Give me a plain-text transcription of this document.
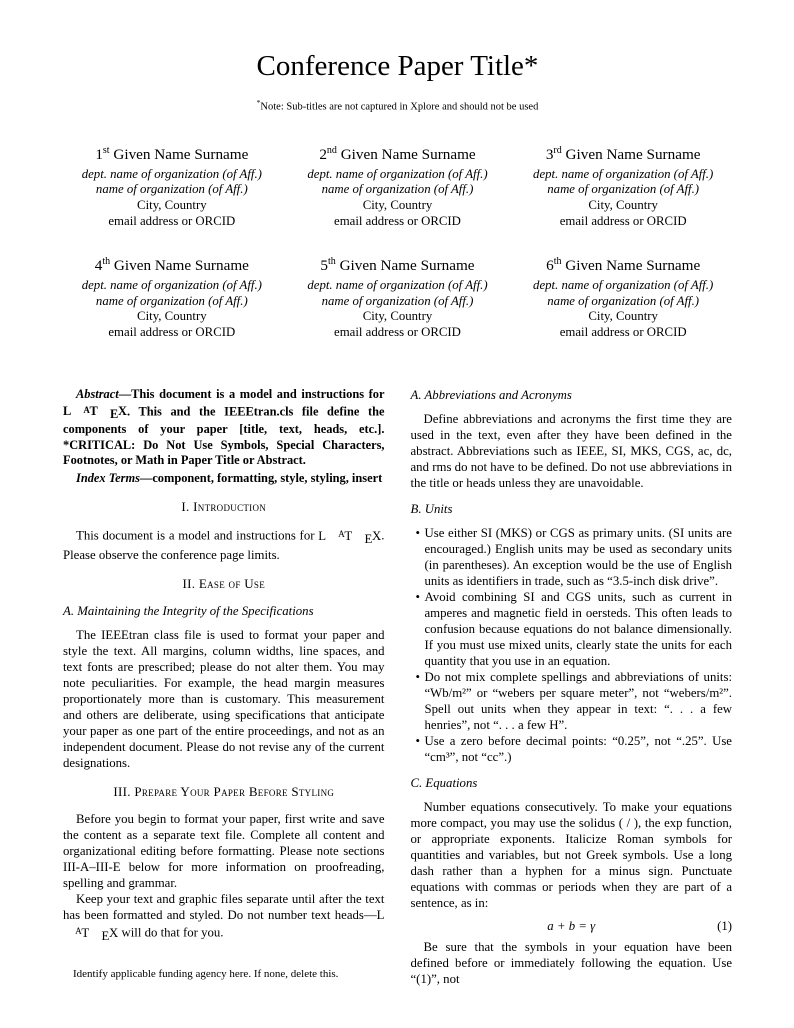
Conference Paper Title*
*Note: Sub-titles are not captured in Xplore and should not be used
1st Given Name Surname
dept. name of organization (of Aff.)
name of organization (of Aff.)
City, Country
email address or ORCID
2nd Given Name Surname
dept. name of organization (of Aff.)
name of organization (of Aff.)
City, Country
email address or ORCID
3rd Given Name Surname
dept. name of organization (of Aff.)
name of organization (of Aff.)
City, Country
email address or ORCID
4th Given Name Surname
dept. name of organization (of Aff.)
name of organization (of Aff.)
City, Country
email address or ORCID
5th Given Name Surname
dept. name of organization (of Aff.)
name of organization (of Aff.)
City, Country
email address or ORCID
6th Given Name Surname
dept. name of organization (of Aff.)
name of organization (of Aff.)
City, Country
email address or ORCID
Abstract—This document is a model and instructions for L AT EX. This and the IEEEtran.cls file define the components of your paper [title, text, heads, etc.]. *CRITICAL: Do Not Use Symbols, Special Characters, Footnotes, or Math in Paper Title or Abstract.
Index Terms—component, formatting, style, styling, insert
I. Introduction
This document is a model and instructions for L AT EX. Please observe the conference page limits.
II. Ease of Use
A. Maintaining the Integrity of the Specifications
The IEEEtran class file is used to format your paper and style the text. All margins, column widths, line spaces, and text fonts are prescribed; please do not alter them. You may note peculiarities. For example, the head margin measures proportionately more than is customary. This measurement and others are deliberate, using specifications that anticipate your paper as one part of the entire proceedings, and not as an independent document. Please do not revise any of the current designations.
III. Prepare Your Paper Before Styling
Before you begin to format your paper, first write and save the content as a separate text file. Complete all content and organizational editing before formatting. Please note sections III-A–III-E below for more information on proofreading, spelling and grammar.
Keep your text and graphic files separate until after the text has been formatted and styled. Do not number text heads—LAT EX will do that for you.
Identify applicable funding agency here. If none, delete this.
A. Abbreviations and Acronyms
Define abbreviations and acronyms the first time they are used in the text, even after they have been defined in the abstract. Abbreviations such as IEEE, SI, MKS, CGS, ac, dc, and rms do not have to be defined. Do not use abbreviations in the title or heads unless they are unavoidable.
B. Units
• Use either SI (MKS) or CGS as primary units. (SI units are encouraged.) English units may be used as secondary units (in parentheses). An exception would be the use of English units as identifiers in trade, such as “3.5-inch disk drive”.
• Avoid combining SI and CGS units, such as current in amperes and magnetic field in oersteds. This often leads to confusion because equations do not balance dimensionally. If you must use mixed units, clearly state the units for each quantity that you use in an equation.
• Do not mix complete spellings and abbreviations of units: “Wb/m²” or “webers per square meter”, not “webers/m²”. Spell out units when they appear in text: “. . . a few henries”, not “. . . a few H”.
• Use a zero before decimal points: “0.25”, not “.25”. Use “cm³”, not “cc”.)
C. Equations
Number equations consecutively. To make your equations more compact, you may use the solidus ( / ), the exp function, or appropriate exponents. Italicize Roman symbols for quantities and variables, but not Greek symbols. Use a long dash rather than a hyphen for a minus sign. Punctuate equations with commas or periods when they are part of a sentence, as in:
a + b = γ	(1)
Be sure that the symbols in your equation have been defined before or immediately following the equation. Use “(1)”, not
